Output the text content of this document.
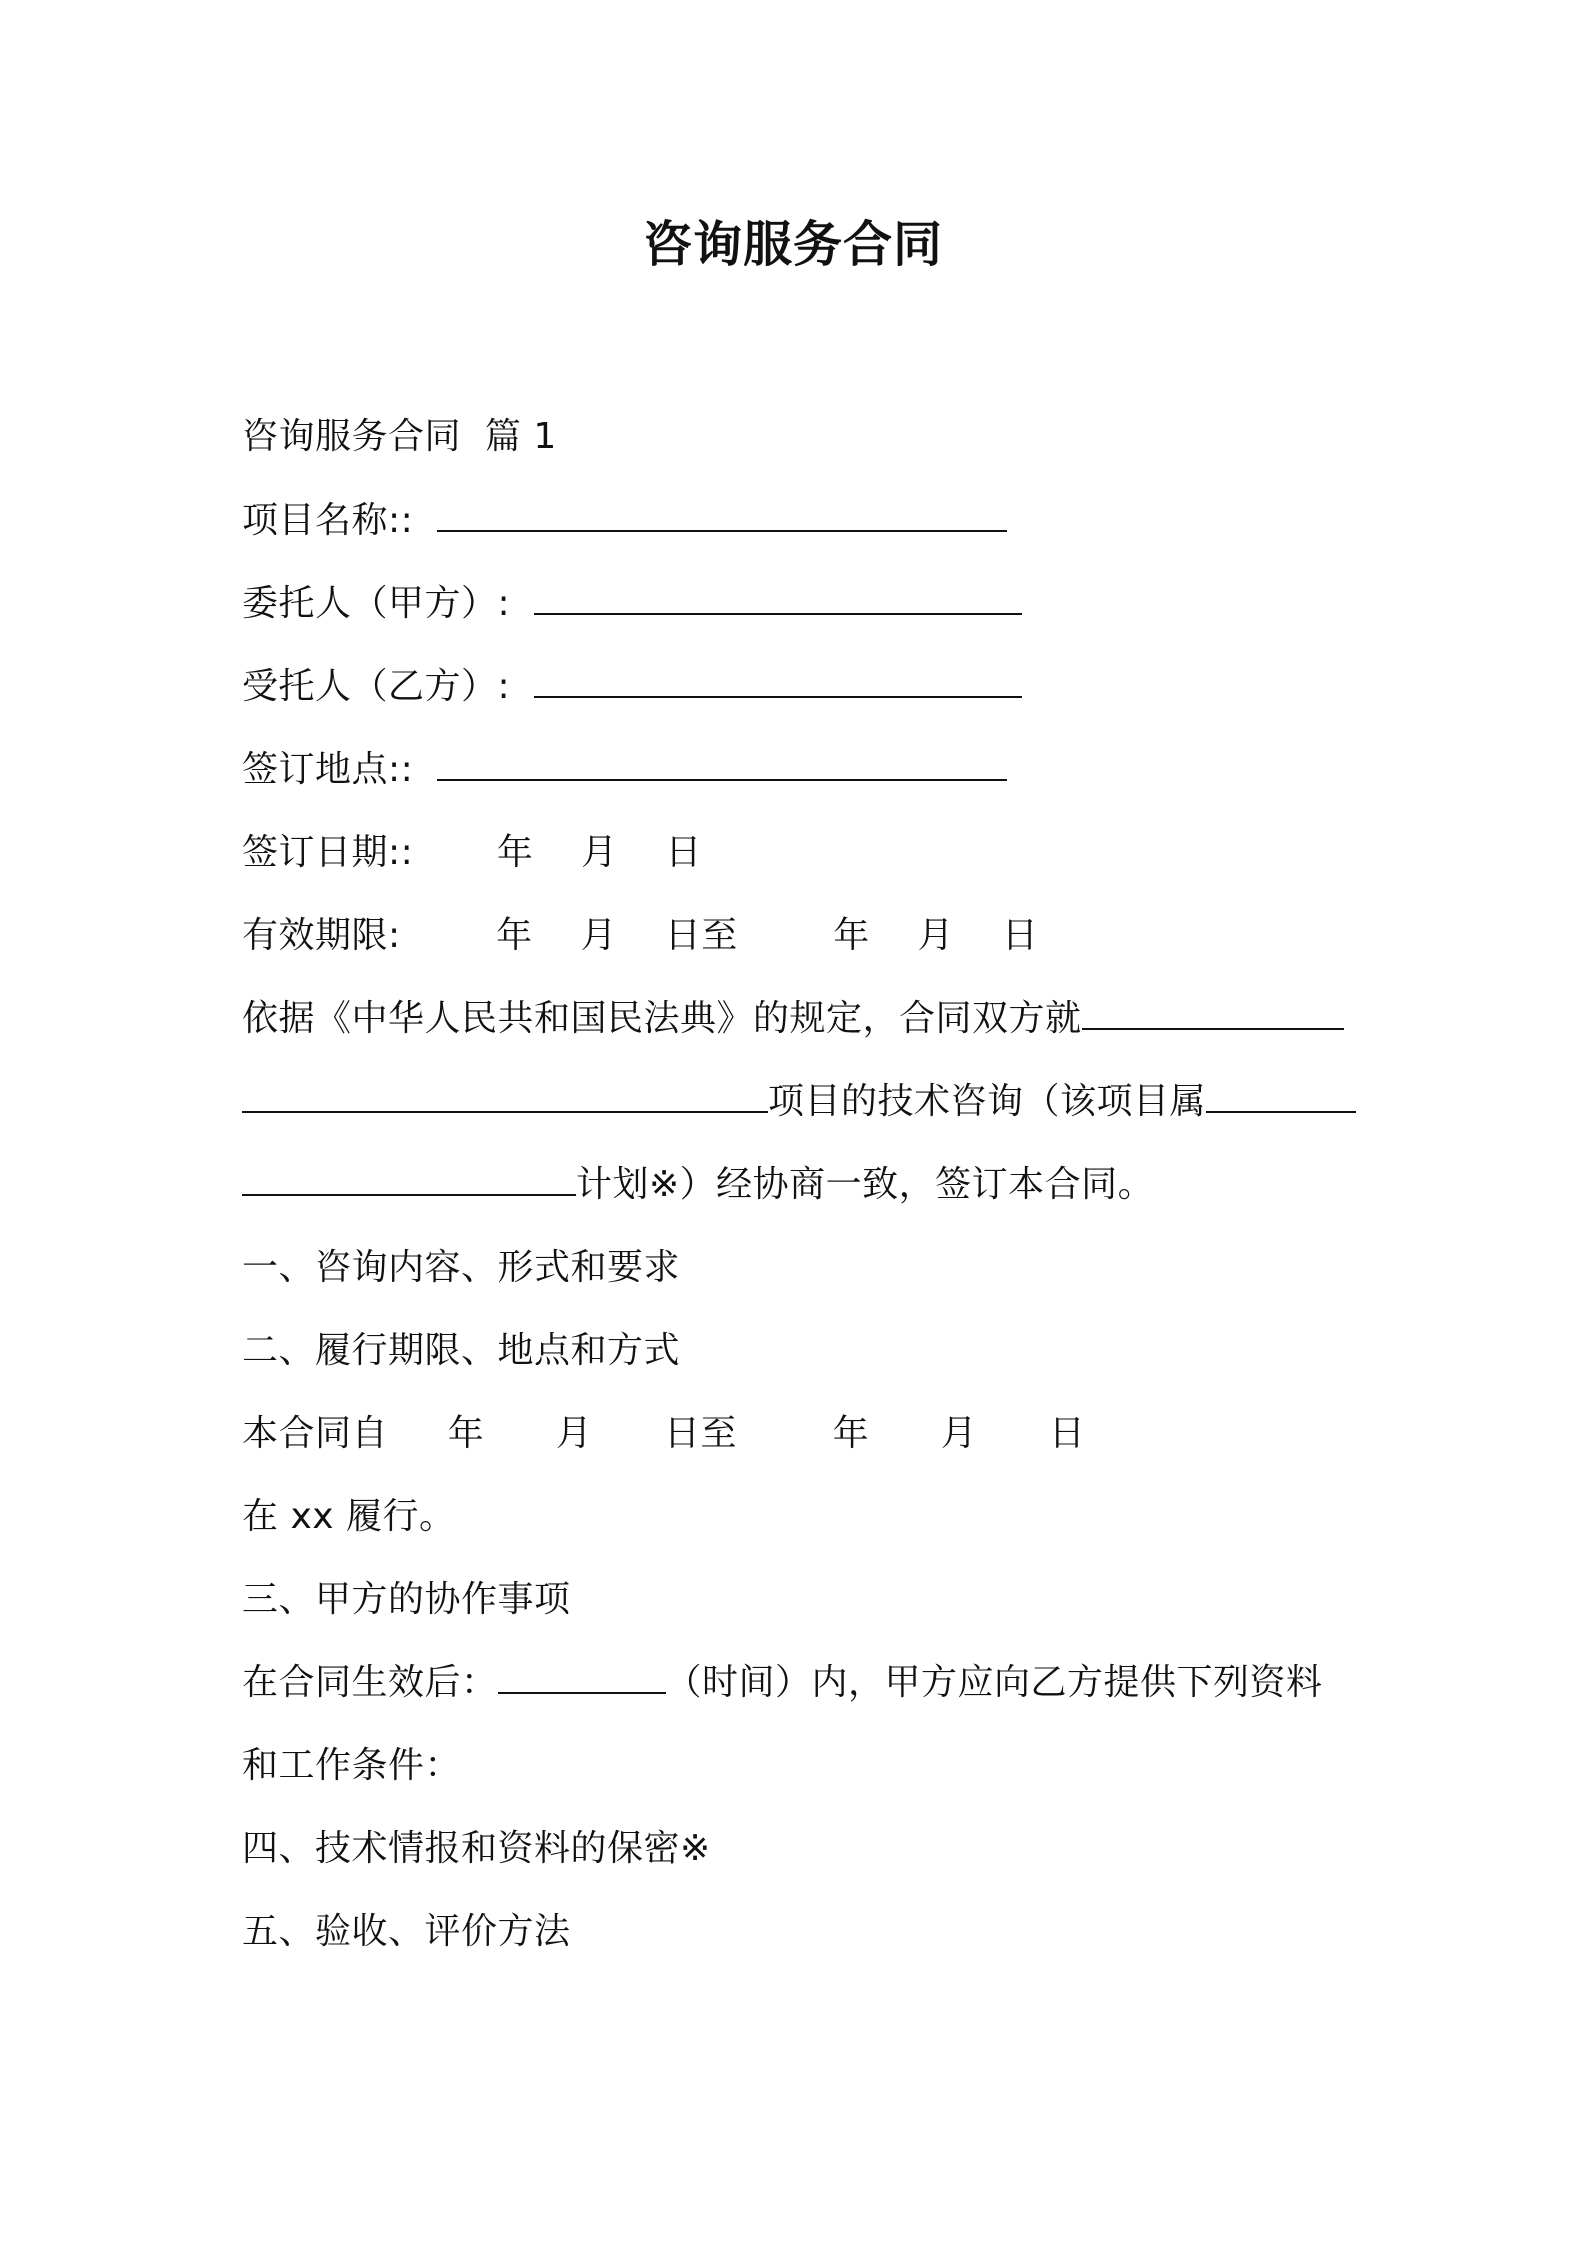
咨询服务合同
咨询服务合同  篇 1
项目名称::
委托人（甲方）:
受托人（乙方）:
签订地点::
签订日期::       年    月    日
有效期限:        年    月    日至        年    月    日
依据《中华人民共和国民法典》的规定，合同双方就
项目的技术咨询（该项目属
计划※）经协商一致，签订本合同。
一、咨询内容、形式和要求
二、履行期限、地点和方式
本合同自     年      月      日至        年      月      日
在 xx 履行。
三、甲方的协作事项
在合同生效后：	（时间）内，甲方应向乙方提供下列资料
和工作条件：
四、技术情报和资料的保密※
五、验收、评价方法
